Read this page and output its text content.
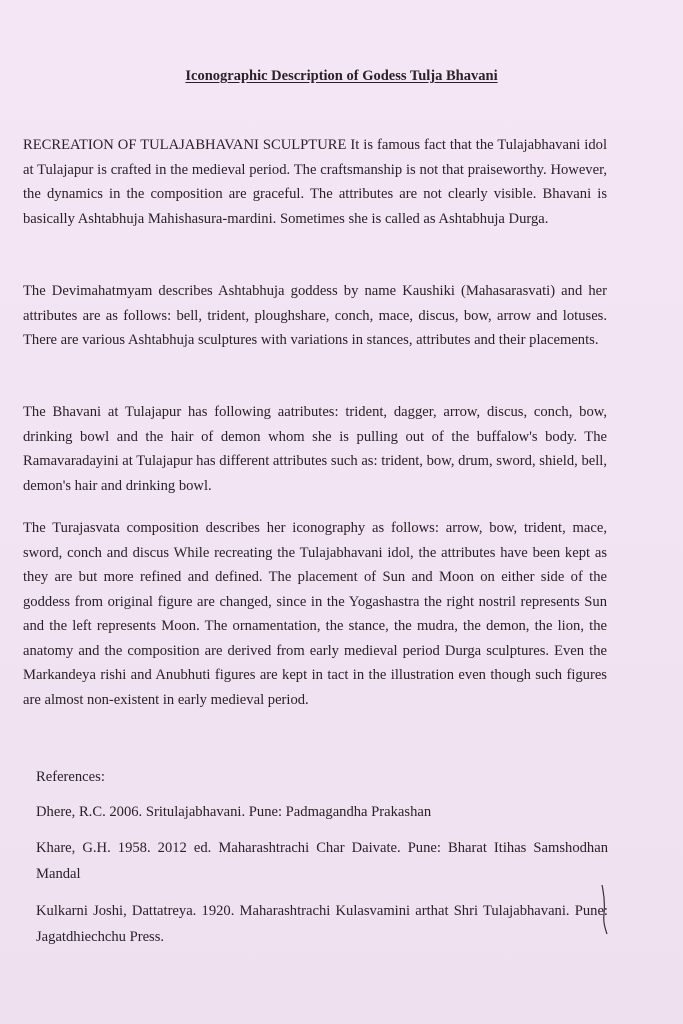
Iconographic Description of Godess Tulja Bhavani

RECREATION OF TULAJABHAVANI SCULPTURE It is famous fact that the Tulajabhavani idol at Tulajapur is crafted in the medieval period. The craftsmanship is not that praiseworthy. However, the dynamics in the composition are graceful. The attributes are not clearly visible. Bhavani is basically Ashtabhuja Mahishasura-mardini. Sometimes she is called as Ashtabhuja Durga.

The Devimahatmyam describes Ashtabhuja goddess by name Kaushiki (Mahasarasvati) and her attributes are as follows: bell, trident, ploughshare, conch, mace, discus, bow, arrow and lotuses. There are various Ashtabhuja sculptures with variations in stances, attributes and their placements.

The Bhavani at Tulajapur has following aatributes: trident, dagger, arrow, discus, conch, bow, drinking bowl and the hair of demon whom she is pulling out of the buffalow's body. The Ramavaradayini at Tulajapur has different attributes such as: trident, bow, drum, sword, shield, bell, demon's hair and drinking bowl.

The Turajasvata composition describes her iconography as follows: arrow, bow, trident, mace, sword, conch and discus While recreating the Tulajabhavani idol, the attributes have been kept as they are but more refined and defined. The placement of Sun and Moon on either side of the goddess from original figure are changed, since in the Yogashastra the right nostril represents Sun and the left represents Moon. The ornamentation, the stance, the mudra, the demon, the lion, the anatomy and the composition are derived from early medieval period Durga sculptures. Even the Markandeya rishi and Anubhuti figures are kept in tact in the illustration even though such figures are almost non-existent in early medieval period.

References:

Dhere, R.C. 2006. Sritulajabhavani. Pune: Padmagandha Prakashan

Khare, G.H. 1958. 2012 ed. Maharashtrachi Char Daivate. Pune: Bharat Itihas Samshodhan Mandal

Kulkarni Joshi, Dattatreya. 1920. Maharashtrachi Kulasvamini arthat Shri Tulajabhavani. Pune: Jagatdhiechchu Press.
